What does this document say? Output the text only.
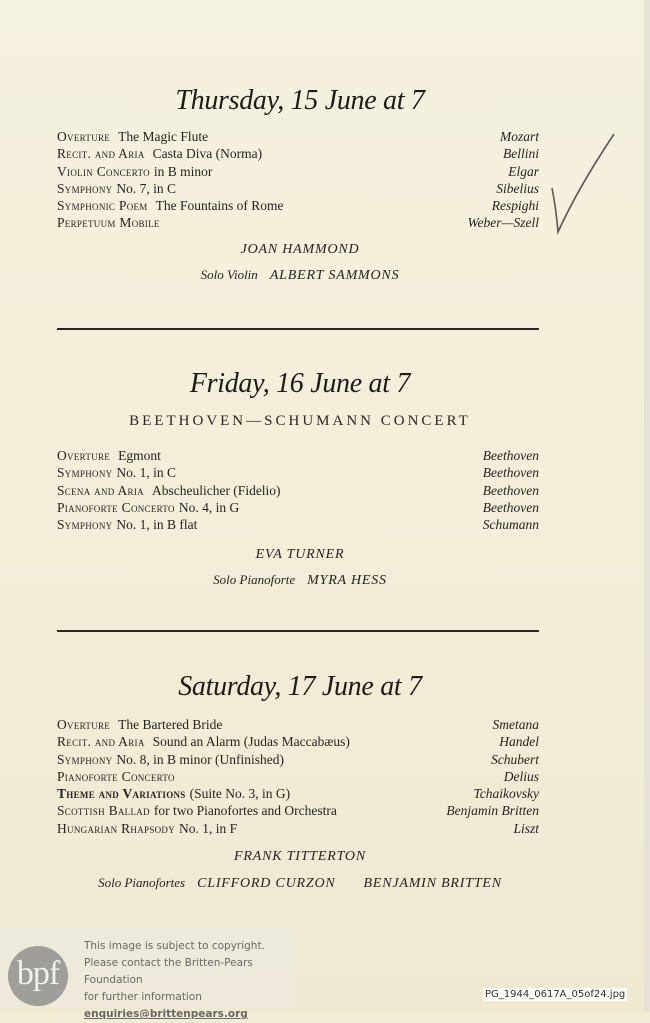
Thursday, 15 June at 7
Overture The Magic Flute	Mozart
Recit. and Aria Casta Diva (Norma)	Bellini
Violin Concerto in B minor	Elgar
Symphony No. 7, in C	Sibelius
Symphonic Poem The Fountains of Rome	Respighi
Perpetuum Mobile	Weber—Szell
JOAN HAMMOND
Solo Violin ALBERT SAMMONS
Friday, 16 June at 7
BEETHOVEN—SCHUMANN CONCERT
Overture Egmont	Beethoven
Symphony No. 1, in C	Beethoven
Scena and Aria Abscheulicher (Fidelio)	Beethoven
Pianoforte Concerto No. 4, in G	Beethoven
Symphony No. 1, in B flat	Schumann
EVA TURNER
Solo Pianoforte MYRA HESS
Saturday, 17 June at 7
Overture The Bartered Bride	Smetana
Recit. and Aria Sound an Alarm (Judas Maccabæus)	Handel
Symphony No. 8, in B minor (Unfinished)	Schubert
Pianoforte Concerto	Delius
Theme and Variations (Suite No. 3, in G)	Tchaikovsky
Scottish Ballad for two Pianofortes and Orchestra	Benjamin Britten
Hungarian Rhapsody No. 1, in F	Liszt
FRANK TITTERTON
Solo Pianofortes CLIFFORD CURZON BENJAMIN BRITTEN
bpf
This image is subject to copyright.
Please contact the Britten-Pears Foundation
for further information
enquiries@brittenpears.org
PG_1944_0617A_05of24.jpg
